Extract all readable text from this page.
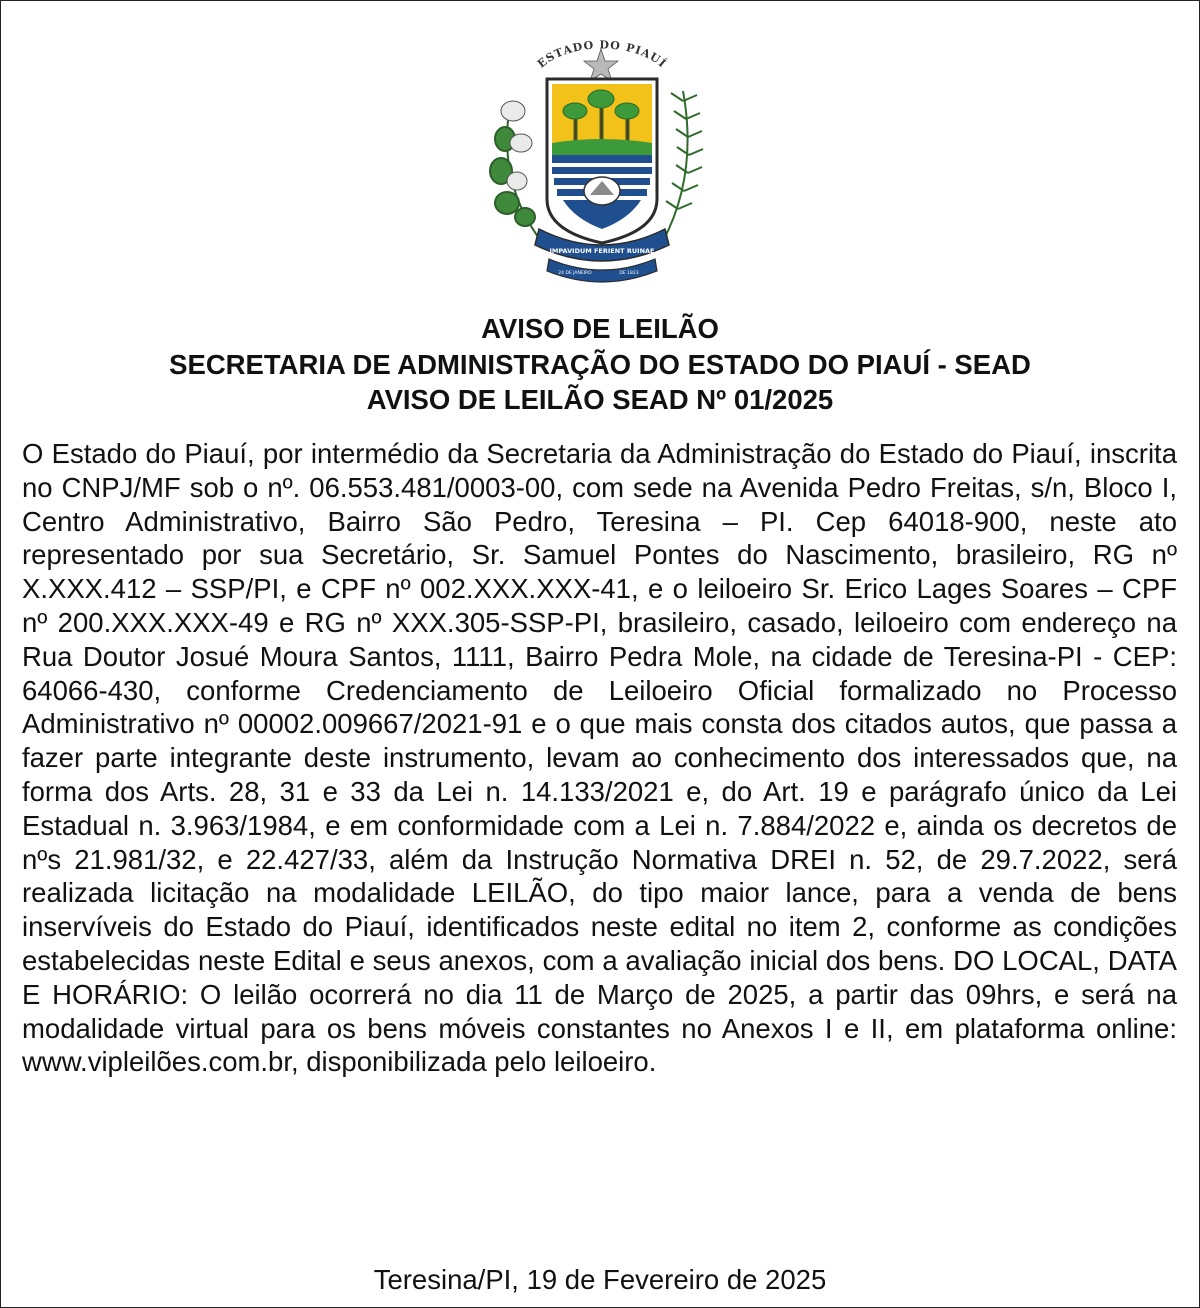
ESTADO DO PIAUÍ
IMPAVIDUM FERIENT RUINAE
24 DE JANEIRO	DE 1823
AVISO DE LEILÃO
SECRETARIA DE ADMINISTRAÇÃO DO ESTADO DO PIAUÍ - SEAD
AVISO DE LEILÃO SEAD Nº 01/2025

O Estado do Piauí, por intermédio da Secretaria da Administração do Estado do Piauí, inscrita no CNPJ/MF sob o nº. 06.553.481/0003-00, com sede na Avenida Pedro Freitas, s/n, Bloco I, Centro Administrativo, Bairro São Pedro, Teresina – PI. Cep 64018-900, neste ato representado por sua Secretário, Sr. Samuel Pontes do Nascimento, brasileiro, RG nº X.XXX.412 – SSP/PI, e CPF nº 002.XXX.XXX-41, e o leiloeiro Sr. Erico Lages Soares – CPF nº 200.XXX.XXX-49 e RG nº XXX.305-SSP-PI, brasileiro, casado, leiloeiro com endereço na Rua Doutor Josué Moura Santos, 1111, Bairro Pedra Mole, na cidade de Teresina-PI - CEP: 64066-430, conforme Credenciamento de Leiloeiro Oficial formalizado no Processo Administrativo nº 00002.009667/2021-91 e o que mais consta dos citados autos, que passa a fazer parte integrante deste instrumento, levam ao conhecimento dos interessados que, na forma dos Arts. 28, 31 e 33 da Lei n. 14.133/2021 e, do Art. 19 e parágrafo único da Lei Estadual n. 3.963/1984, e em conformidade com a Lei n. 7.884/2022 e, ainda os decretos de nºs 21.981/32, e 22.427/33, além da Instrução Normativa DREI n. 52, de 29.7.2022, será realizada licitação na modalidade LEILÃO, do tipo maior lance, para a venda de bens inservíveis do Estado do Piauí, identificados neste edital no item 2, conforme as condições estabelecidas neste Edital e seus anexos, com a avaliação inicial dos bens. DO LOCAL, DATA E HORÁRIO: O leilão ocorrerá no dia 11 de Março de 2025, a partir das 09hrs, e será na modalidade virtual para os bens móveis constantes no Anexos I e II, em plataforma online: www.vipleilões.com.br, disponibilizada pelo leiloeiro.

Teresina/PI, 19 de Fevereiro de 2025
